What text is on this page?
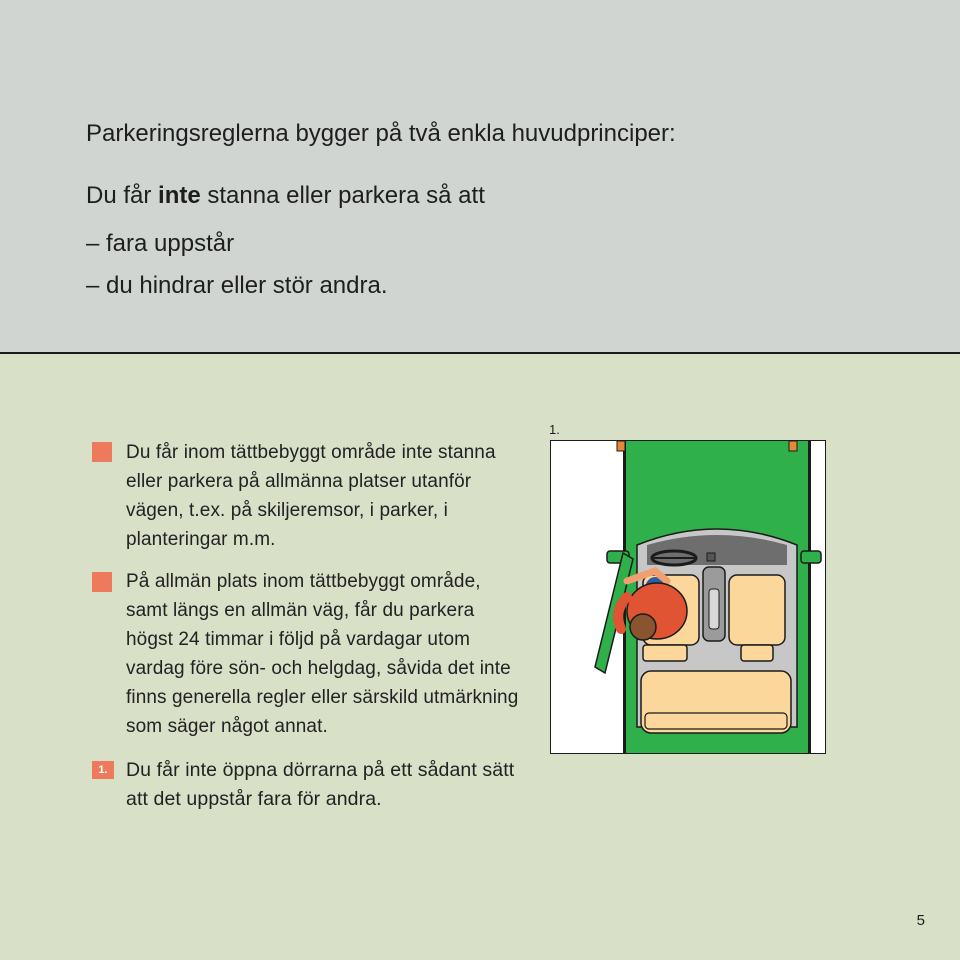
Parkeringsreglerna bygger på två enkla huvudprinciper:
Du får inte stanna eller parkera så att
– fara uppstår
– du hindrar eller stör andra.
Du får inom tättbebyggt område inte stanna eller parkera på allmänna platser utanför vägen, t.ex. på skiljeremsor, i parker, i planteringar m.m.
På allmän plats inom tättbebyggt område, samt längs en allmän väg, får du parkera högst 24 timmar i följd på vardagar utom vardag före sön- och helgdag, såvida det inte finns generella regler eller särskild utmärkning som säger något annat.
1. Du får inte öppna dörrarna på ett sådant sätt att det uppstår fara för andra.
1.
5
